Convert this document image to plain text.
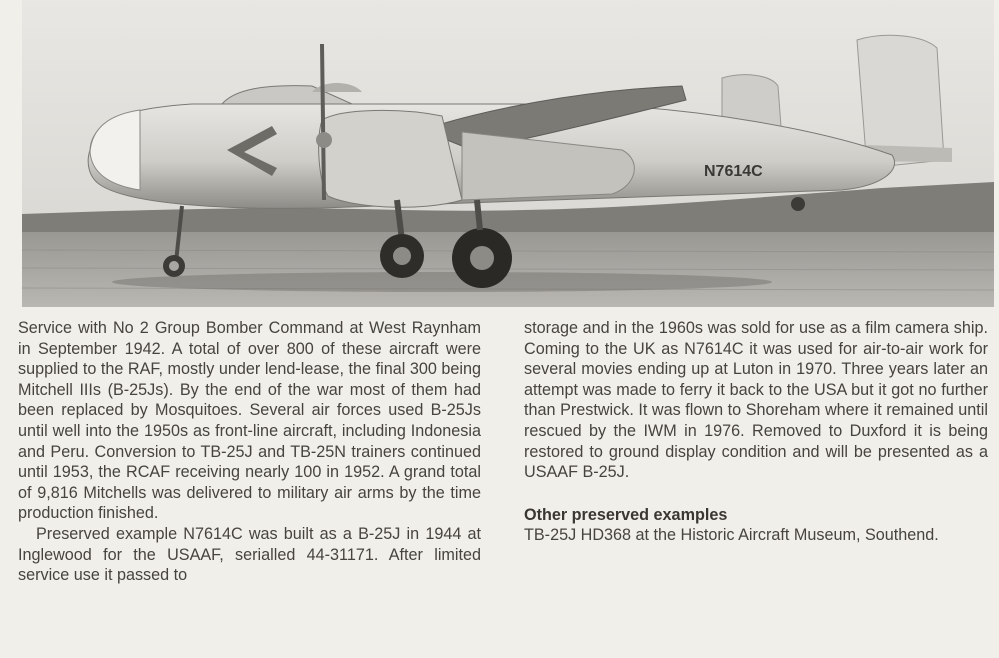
N7614C

Service with No 2 Group Bomber Command at West Raynham in September 1942. A total of over 800 of these aircraft were supplied to the RAF, mostly under lend-lease, the final 300 being Mitchell IIIs (B-25Js). By the end of the war most of them had been replaced by Mosquitoes. Several air forces used B-25Js until well into the 1950s as front-line aircraft, including Indonesia and Peru. Conversion to TB-25J and TB-25N trainers continued until 1953, the RCAF receiving nearly 100 in 1952. A grand total of 9,816 Mitchells was delivered to military air arms by the time production finished.

Preserved example N7614C was built as a B-25J in 1944 at Inglewood for the USAAF, serialled 44-31171. After limited service use it passed to

storage and in the 1960s was sold for use as a film camera ship. Coming to the UK as N7614C it was used for air-to-air work for several movies ending up at Luton in 1970. Three years later an attempt was made to ferry it back to the USA but it got no further than Prestwick. It was flown to Shoreham where it remained until rescued by the IWM in 1976. Removed to Duxford it is being restored to ground display condition and will be presented as a USAAF B-25J.

Other preserved examples

TB-25J HD368 at the Historic Aircraft Museum, Southend.
